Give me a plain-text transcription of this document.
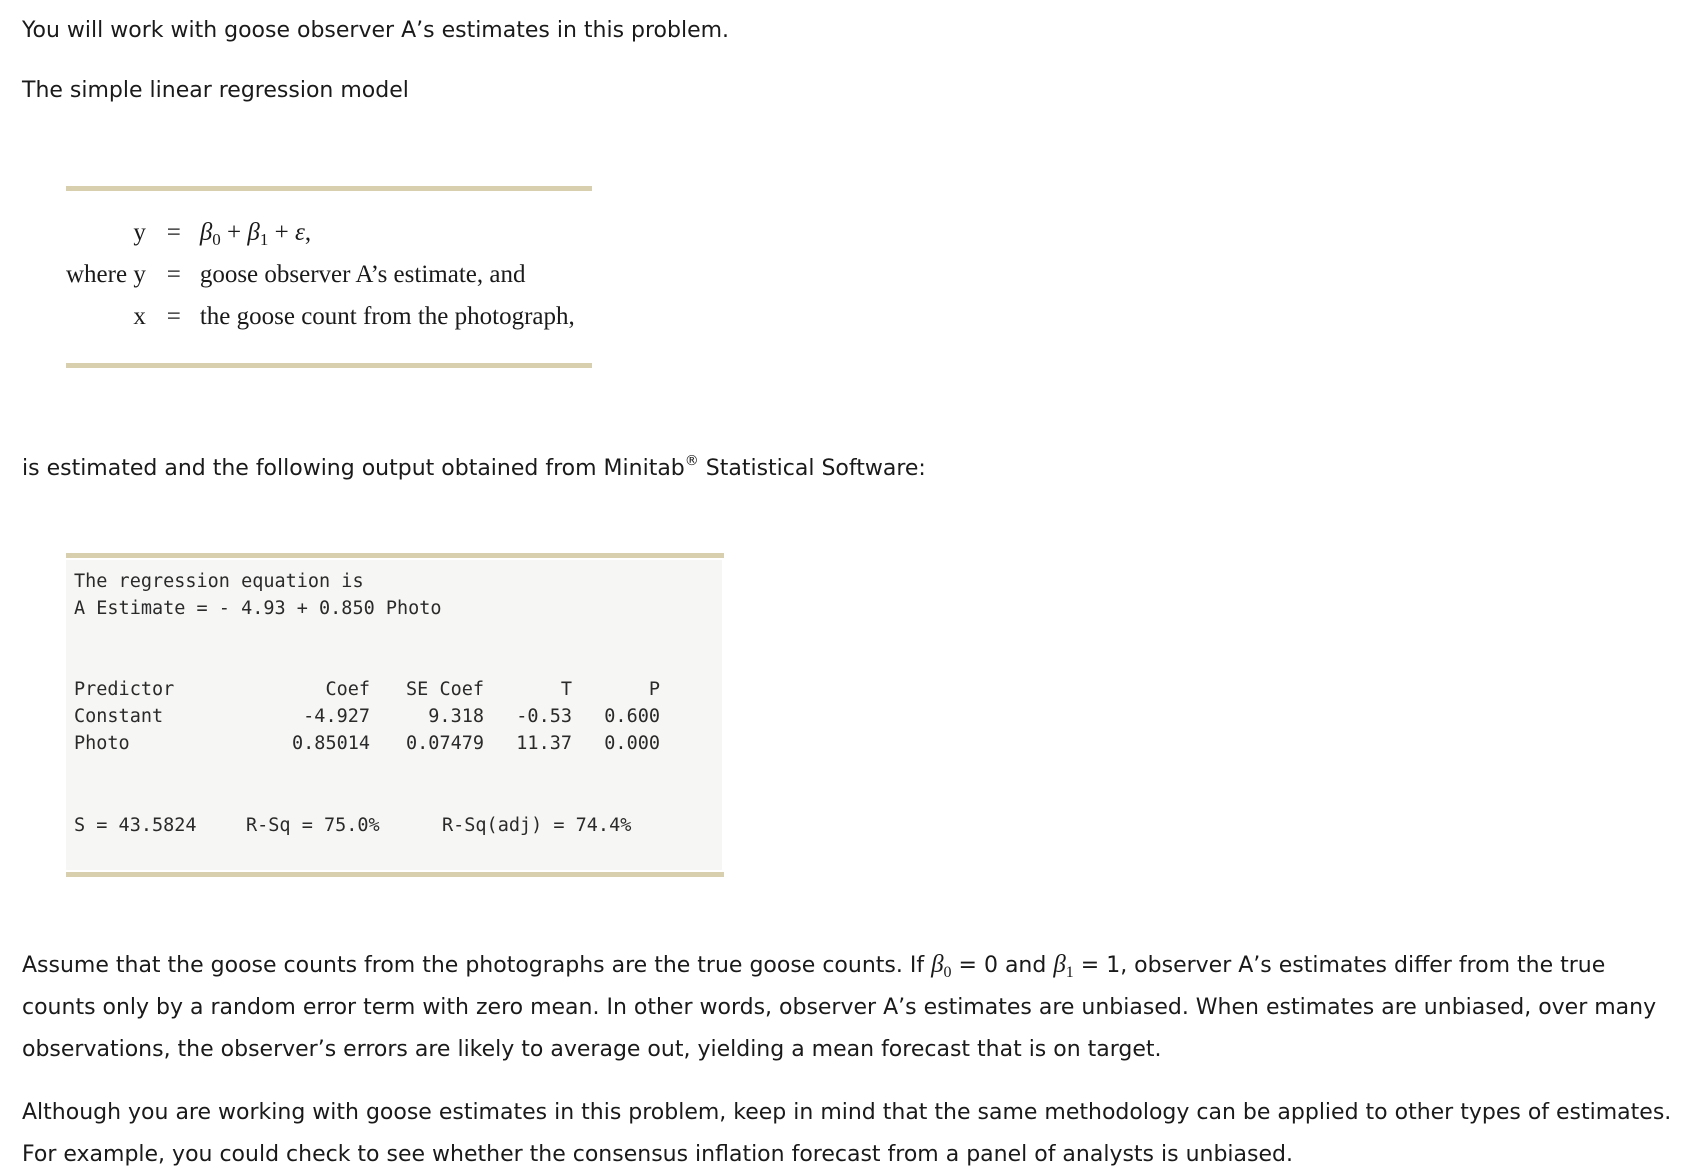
You will work with goose observer A’s estimates in this problem.

The simple linear regression model

y	=	$\beta_0 + \beta_1 + \varepsilon$,
where y	=	goose observer A’s estimate, and
x	=	the goose count from the photograph,

is estimated and the following output obtained from Minitab® Statistical Software:

The regression equation is
A Estimate = - 4.93 + 0.850 Photo
Predictor	Coef	SE Coef	T	P
Constant	-4.927	9.318	-0.53	0.600
Photo	0.85014	0.07479	11.37	0.000
S = 43.5824	R-Sq = 75.0%	R-Sq(adj) = 74.4%

Assume that the goose counts from the photographs are the true goose counts. If $\beta_0 = 0$ and $\beta_1 = 1$, observer A’s estimates differ from the true counts only by a random error term with zero mean. In other words, observer A’s estimates are unbiased. When estimates are unbiased, over many observations, the observer’s errors are likely to average out, yielding a mean forecast that is on target.

Although you are working with goose estimates in this problem, keep in mind that the same methodology can be applied to other types of estimates. For example, you could check to see whether the consensus inflation forecast from a panel of analysts is unbiased.
